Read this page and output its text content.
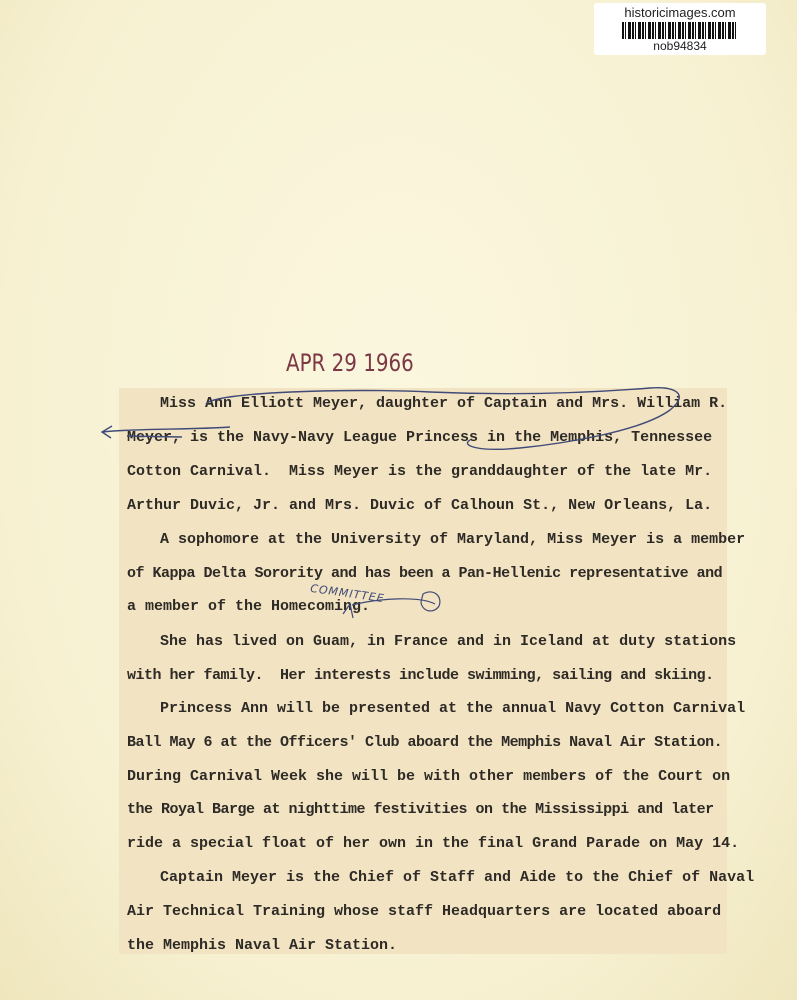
historicimages.com
nob94834
APR 29 1966
Miss Ann Elliott Meyer, daughter of Captain and Mrs. William R.
Meyer, is the Navy-Navy League Princess in the Memphis, Tennessee
Cotton Carnival.  Miss Meyer is the granddaughter of the late Mr.
Arthur Duvic, Jr. and Mrs. Duvic of Calhoun St., New Orleans, La.
A sophomore at the University of Maryland, Miss Meyer is a member
of Kappa Delta Sorority and has been a Pan-Hellenic representative and
a member of the Homecoming.
She has lived on Guam, in France and in Iceland at duty stations
with her family.  Her interests include swimming, sailing and skiing.
Princess Ann will be presented at the annual Navy Cotton Carnival
Ball May 6 at the Officers' Club aboard the Memphis Naval Air Station.
During Carnival Week she will be with other members of the Court on
the Royal Barge at nighttime festivities on the Mississippi and later
ride a special float of her own in the final Grand Parade on May 14.
Captain Meyer is the Chief of Staff and Aide to the Chief of Naval
Air Technical Training whose staff Headquarters are located aboard
the Memphis Naval Air Station.
COMMITTEE
